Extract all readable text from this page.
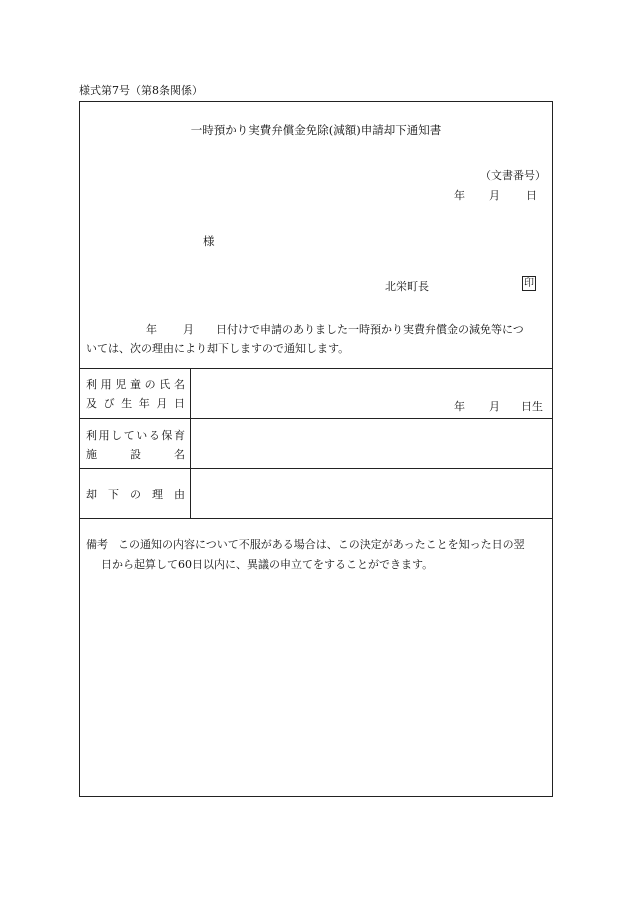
様式第7号（第8条関係）
一時預かり実費弁償金免除(減額)申請却下通知書
（文書番号）
年 月 日
様
北栄町長	印
年 月 日付けで申請のありました一時預かり実費弁償金の減免等につ
いては、次の理由により却下しますので通知します。
利 用 児 童 の 氏 名
及 び 生 年 月 日	年 月 日生
利 用 し て い る 保 育
施	設	名
却 下 の 理 由
備考 この通知の内容について不服がある場合は、この決定があったことを知った日の翌
日から起算して60日以内に、異議の申立てをすることができます。
